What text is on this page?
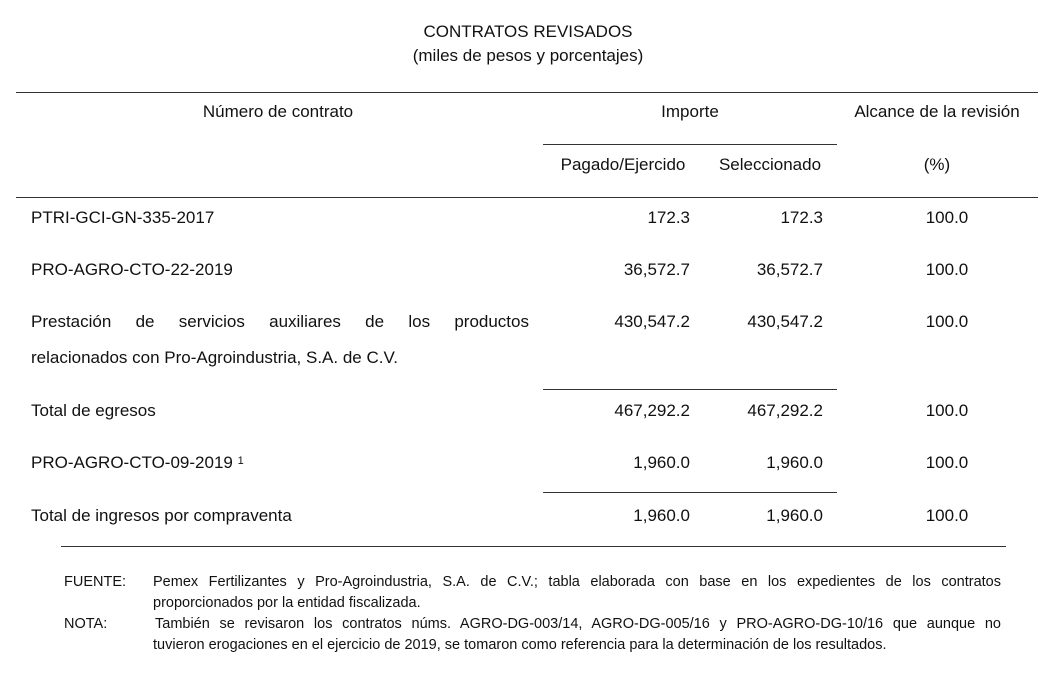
CONTRATOS REVISADOS
(miles de pesos y porcentajes)
Número de contrato	Importe	Alcance de la revisión
Pagado/Ejercido	Seleccionado	(%)
PTRI-GCI-GN-335-2017	172.3	172.3	100.0
PRO-AGRO-CTO-22-2019	36,572.7	36,572.7	100.0
Prestación de servicios auxiliares de los productos
relacionados con Pro-Agroindustria, S.A. de C.V.
430,547.2	430,547.2	100.0
Total de egresos	467,292.2	467,292.2	100.0
PRO-AGRO-CTO-09-2019 $^1$	1,960.0	1,960.0	100.0
Total de ingresos por compraventa	1,960.0	1,960.0	100.0
FUENTE: Pemex Fertilizantes y Pro-Agroindustria, S.A. de C.V.; tabla elaborada con base en los expedientes de los contratos
proporcionados por la entidad fiscalizada.
NOTA:	También se revisaron los contratos núms. AGRO-DG-003/14, AGRO-DG-005/16 y PRO-AGRO-DG-10/16 que aunque no
tuvieron erogaciones en el ejercicio de 2019, se tomaron como referencia para la determinación de los resultados.
